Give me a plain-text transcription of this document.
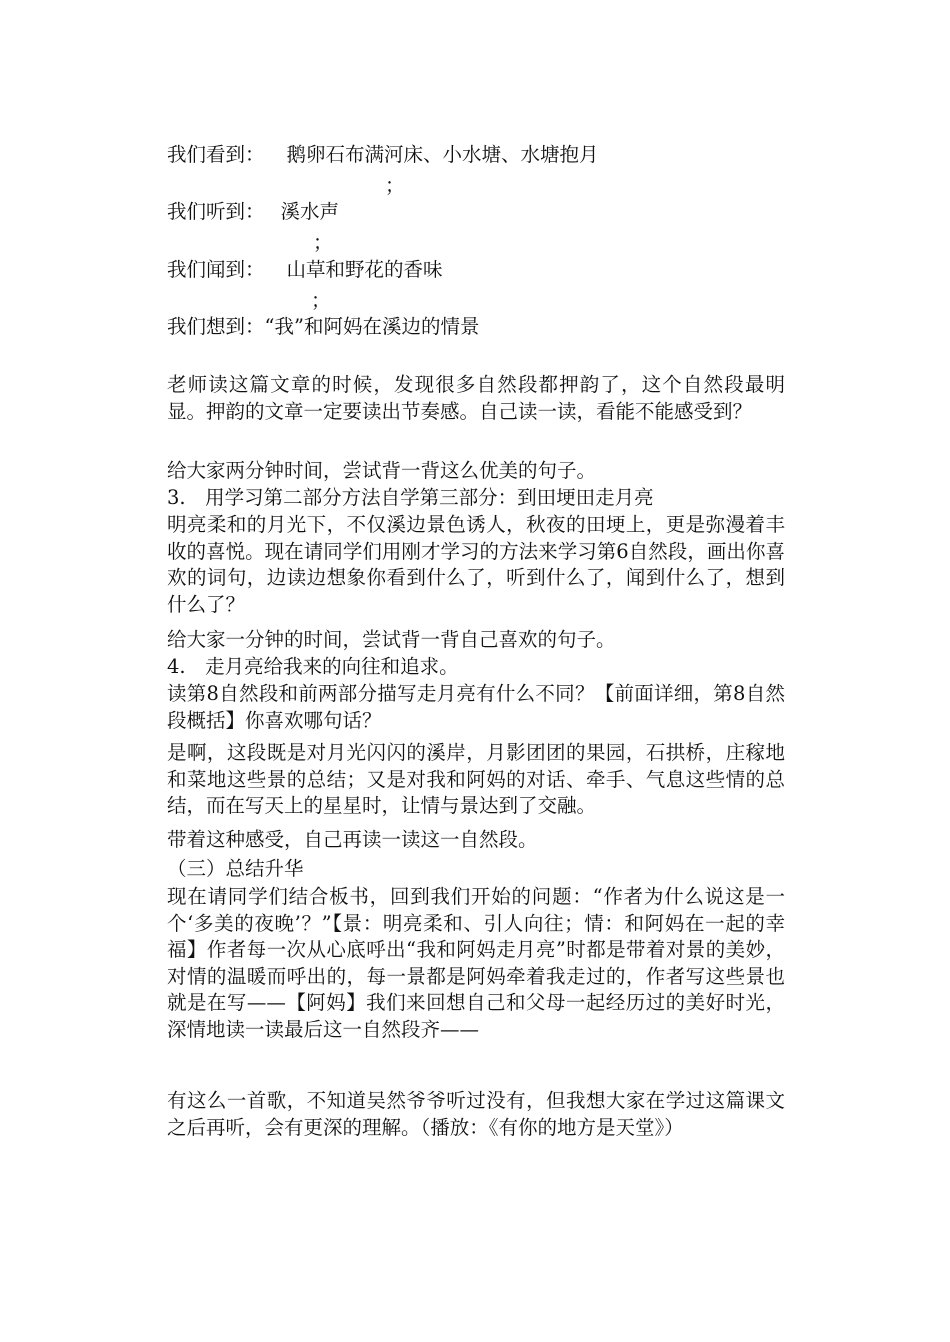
我们看到： 鹅卵石布满河床、小水塘、水塘抱月
；
我们听到： 溪水声
；
我们闻到： 山草和野花的香味
；
我们想到：“我”和阿妈在溪边的情景
老师读这篇文章的时候，发现很多自然段都押韵了，这个自然段最明显。押韵的文章一定要读出节奏感。自己读一读，看能不能感受到？
给大家两分钟时间，尝试背一背这么优美的句子。
3.　用学习第二部分方法自学第三部分：到田埂田走月亮
明亮柔和的月光下，不仅溪边景色诱人，秋夜的田埂上，更是弥漫着丰收的喜悦。现在请同学们用刚才学习的方法来学习第6自然段，画出你喜欢的词句，边读边想象你看到什么了，听到什么了，闻到什么了，想到什么了？
给大家一分钟的时间，尝试背一背自己喜欢的句子。
4.　走月亮给我来的向往和追求。
读第8自然段和前两部分描写走月亮有什么不同？【前面详细，第8自然段概括】你喜欢哪句话？
是啊，这段既是对月光闪闪的溪岸，月影团团的果园，石拱桥，庄稼地和菜地这些景的总结；又是对我和阿妈的对话、牵手、气息这些情的总结，而在写天上的星星时，让情与景达到了交融。
带着这种感受，自己再读一读这一自然段。
（三）总结升华
现在请同学们结合板书，回到我们开始的问题：“作者为什么说这是一个‘多美的夜晚’？”【景：明亮柔和、引人向往；情：和阿妈在一起的幸福】作者每一次从心底呼出“我和阿妈走月亮”时都是带着对景的美妙，对情的温暖而呼出的，每一景都是阿妈牵着我走过的，作者写这些景也就是在写——【阿妈】我们来回想自己和父母一起经历过的美好时光，深情地读一读最后这一自然段齐——
有这么一首歌，不知道吴然爷爷听过没有，但我想大家在学过这篇课文之后再听，会有更深的理解。（播放：《有你的地方是天堂》）
